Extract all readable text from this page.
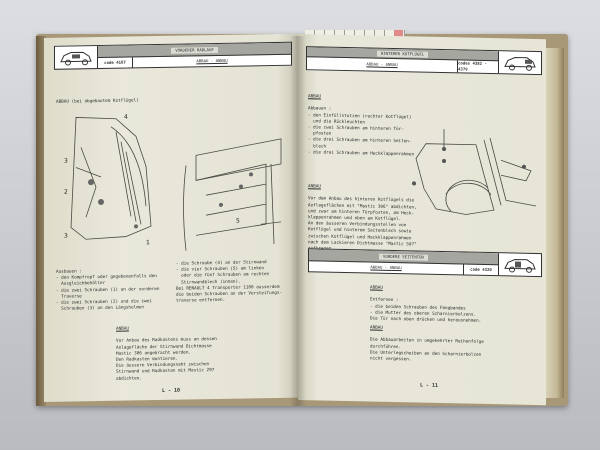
VORDERER RADLAUF
code 4167	ABBAU - ANBAU
ABBAU (bei abgebautem Kotflügel)
4
3
2
3
1
5
Ausbauen :
- den Kompfropf oder gegebenenfalls den
Ausgleichbehälter
- die zwei Schrauben (1) an der vorderen
Traverse
- die zwei Schrauben (2) und die zwei
Schrauben (3) an den Längsholmen
- die Schraube (4) an der Stirnwand
- die vier Schrauben (5) am linken
oder die fünf Schrauben am rechten
Stirnwandblech (innen).
Bei RENAULT 4 Transporter 1100 ausserdem
die beiden Schrauben an der Versteifungs-
traverse entfernen.
ANBAU

Vor Anbau des Radkastens muss an dessen
Anlagefläche der Stirnwand Dichtmasse
Mastic 306 angebracht werden.
Den Radkasten montieren.
Die äussere Verbindungsnaht zwischen
Stirnwand und Radkasten mit Mastic 297
abdichten.
L - 10
HINTERER KOTFLÜGEL
ABBAU - ANBAU	codes 4382 - 4379
ABBAU

Abbauen :
- den Einfüllstutzen (rechter Kotflügel)
und die Rückleuchten
- die zwei Schrauben am hinteren Tür-
pfosten
- die drei Schrauben am hinteren Seiten-
blech
- die drei Schrauben am Heckklappenrahmen
ANBAU

Vor dem Anbau des hinteren Kotflügels die
Auflageflächen mit "Mastic 306" abdichten,
und zwar am hinteren Türpfosten, am Heck-
klappenrahmen und oben am Kotflügel.
An den äusseren Verbindungsstellen von
Kotflügel und hinterem Seitenblech sowie
zwischen Kotflügel und Heckklappenrahmen
nach dem Lackieren Dichtmasse "Mastic 507"
VORDERE SEITENTÜR
ABBAU - ANBAU	code 4320
ABBAU

Entfernen :
- die beiden Schrauben des Fangbandes
- die Mutter des oberen Scharnierbolzens.
Die Tür nach oben drücken und herausnehmen.
ANBAU

Die Abbauarbeiten in umgekehrter Reihenfolge
durchführen.
Die Unterlegscheiben an den Scharnierbolzen
nicht vergessen.
L - 11
